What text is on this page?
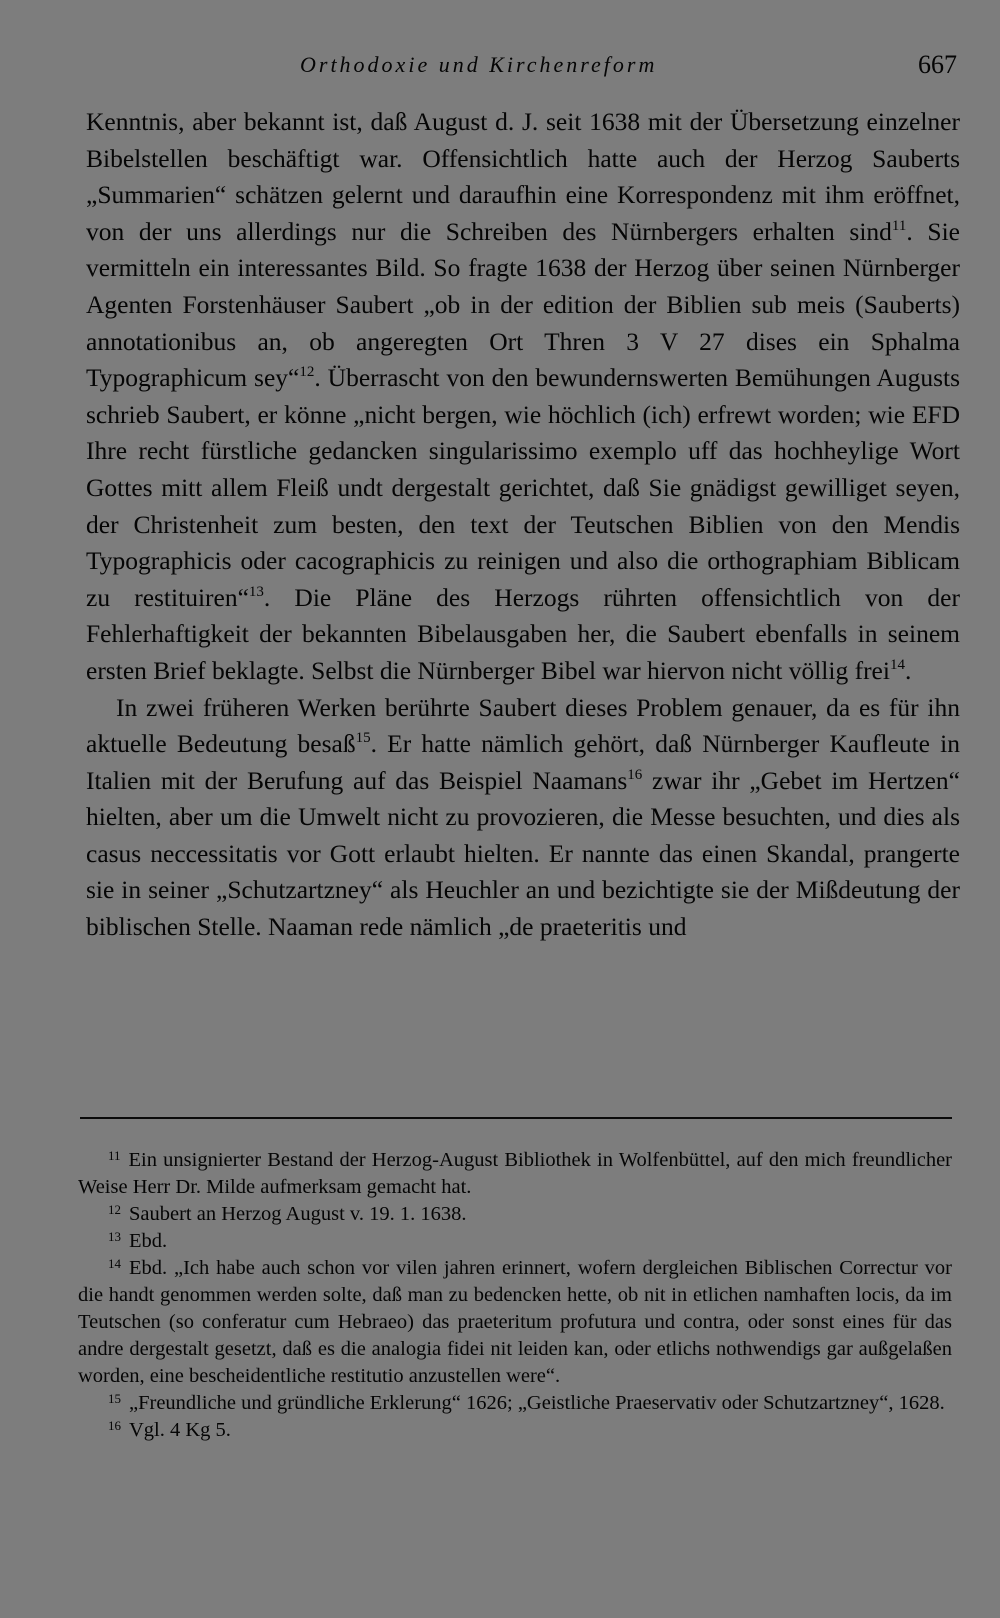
Orthodoxie und Kirchenreform	667

Kenntnis, aber bekannt ist, daß August d. J. seit 1638 mit der Übersetzung einzelner Bibelstellen beschäftigt war. Offensichtlich hatte auch der Herzog Sauberts „Summarien“ schätzen gelernt und daraufhin eine Korrespondenz mit ihm eröffnet, von der uns allerdings nur die Schreiben des Nürnbergers erhalten sind$^{11}$. Sie vermitteln ein interessantes Bild. So fragte 1638 der Herzog über seinen Nürnberger Agenten Forstenhäuser Saubert „ob in der edition der Biblien sub meis (Sauberts) annotationibus an, ob angeregten Ort Thren 3 V 27 dises ein Sphalma Typographicum sey“$^{12}$. Überrascht von den bewundernswerten Bemühungen Augusts schrieb Saubert, er könne „nicht bergen, wie höchlich (ich) erfrewt worden; wie EFD Ihre recht fürstliche gedancken singularissimo exemplo uff das hochheylige Wort Gottes mitt allem Fleiß undt dergestalt gerichtet, daß Sie gnädigst gewilliget seyen, der Christenheit zum besten, den text der Teutschen Biblien von den Mendis Typographicis oder cacographicis zu reinigen und also die orthographiam Biblicam zu restituiren“$^{13}$. Die Pläne des Herzogs rührten offensichtlich von der Fehlerhaftigkeit der bekannten Bibelausgaben her, die Saubert ebenfalls in seinem ersten Brief beklagte. Selbst die Nürnberger Bibel war hiervon nicht völlig frei$^{14}$.

In zwei früheren Werken berührte Saubert dieses Problem genauer, da es für ihn aktuelle Bedeutung besaß$^{15}$. Er hatte nämlich gehört, daß Nürnberger Kaufleute in Italien mit der Berufung auf das Beispiel Naamans$^{16}$ zwar ihr „Gebet im Hertzen“ hielten, aber um die Umwelt nicht zu provozieren, die Messe besuchten, und dies als casus neccessitatis vor Gott erlaubt hielten. Er nannte das einen Skandal, prangerte sie in seiner „Schutzartzney“ als Heuchler an und bezichtigte sie der Mißdeutung der biblischen Stelle. Naaman rede nämlich „de praeteritis und

$^{11}$ Ein unsignierter Bestand der Herzog-August Bibliothek in Wolfenbüttel, auf den mich freundlicher Weise Herr Dr. Milde aufmerksam gemacht hat.

$^{12}$ Saubert an Herzog August v. 19. 1. 1638.

$^{13}$ Ebd.

$^{14}$ Ebd. „Ich habe auch schon vor vilen jahren erinnert, wofern dergleichen Biblischen Correctur vor die handt genommen werden solte, daß man zu bedencken hette, ob nit in etlichen namhaften locis, da im Teutschen (so conferatur cum Hebraeo) das praeteritum profutura und contra, oder sonst eines für das andre dergestalt gesetzt, daß es die analogia fidei nit leiden kan, oder etlichs nothwendigs gar außgelaßen worden, eine bescheidentliche restitutio anzustellen were“.

$^{15}$ „Freundliche und gründliche Erklerung“ 1626; „Geistliche Praeservativ oder Schutzartzney“, 1628.

$^{16}$ Vgl. 4 Kg 5.
